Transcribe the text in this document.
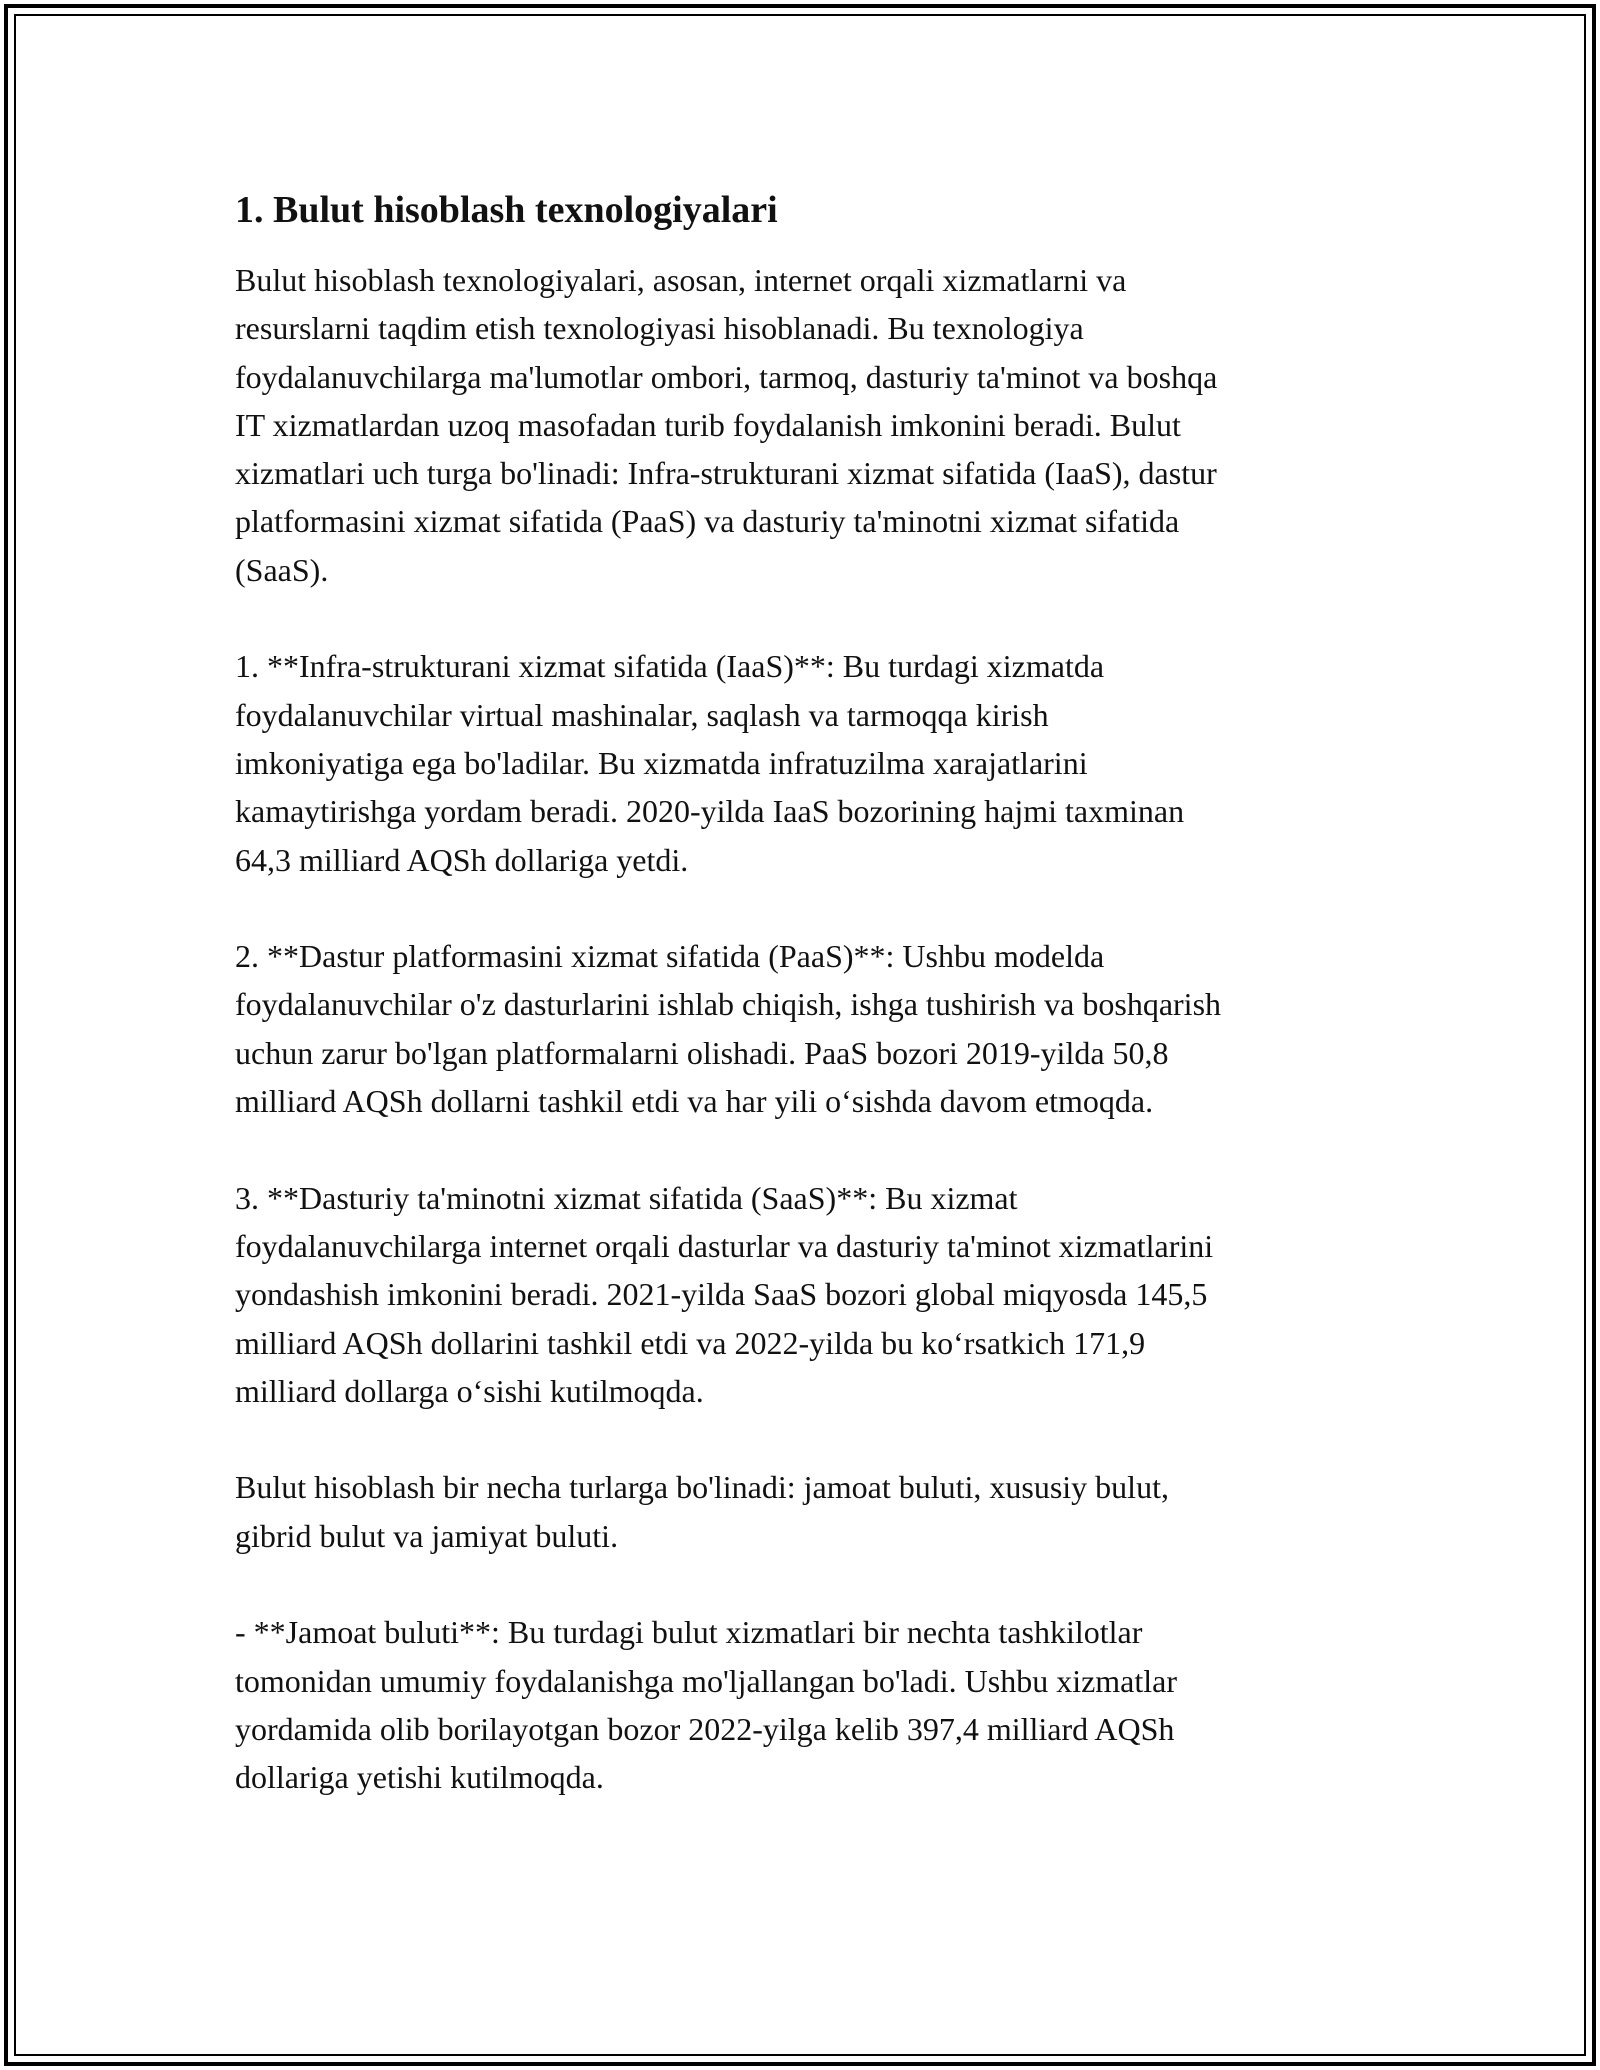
1. Bulut hisoblash texnologiyalari
Bulut hisoblash texnologiyalari, asosan, internet orqali xizmatlarni va
resurslarni taqdim etish texnologiyasi hisoblanadi. Bu texnologiya
foydalanuvchilarga ma'lumotlar ombori, tarmoq, dasturiy ta'minot va boshqa
IT xizmatlardan uzoq masofadan turib foydalanish imkonini beradi. Bulut
xizmatlari uch turga bo'linadi: Infra-strukturani xizmat sifatida (IaaS), dastur
platformasini xizmat sifatida (PaaS) va dasturiy ta'minotni xizmat sifatida
(SaaS).
1. **Infra-strukturani xizmat sifatida (IaaS)**: Bu turdagi xizmatda
foydalanuvchilar virtual mashinalar, saqlash va tarmoqqa kirish
imkoniyatiga ega bo'ladilar. Bu xizmatda infratuzilma xarajatlarini
kamaytirishga yordam beradi. 2020-yilda IaaS bozorining hajmi taxminan
64,3 milliard AQSh dollariga yetdi.
2. **Dastur platformasini xizmat sifatida (PaaS)**: Ushbu modelda
foydalanuvchilar o'z dasturlarini ishlab chiqish, ishga tushirish va boshqarish
uchun zarur bo'lgan platformalarni olishadi. PaaS bozori 2019-yilda 50,8
milliard AQSh dollarni tashkil etdi va har yili o‘sishda davom etmoqda.
3. **Dasturiy ta'minotni xizmat sifatida (SaaS)**: Bu xizmat
foydalanuvchilarga internet orqali dasturlar va dasturiy ta'minot xizmatlarini
yondashish imkonini beradi. 2021-yilda SaaS bozori global miqyosda 145,5
milliard AQSh dollarini tashkil etdi va 2022-yilda bu ko‘rsatkich 171,9
milliard dollarga o‘sishi kutilmoqda.
Bulut hisoblash bir necha turlarga bo'linadi: jamoat buluti, xususiy bulut,
gibrid bulut va jamiyat buluti.
- **Jamoat buluti**: Bu turdagi bulut xizmatlari bir nechta tashkilotlar
tomonidan umumiy foydalanishga mo'ljallangan bo'ladi. Ushbu xizmatlar
yordamida olib borilayotgan bozor 2022-yilga kelib 397,4 milliard AQSh
dollariga yetishi kutilmoqda.
